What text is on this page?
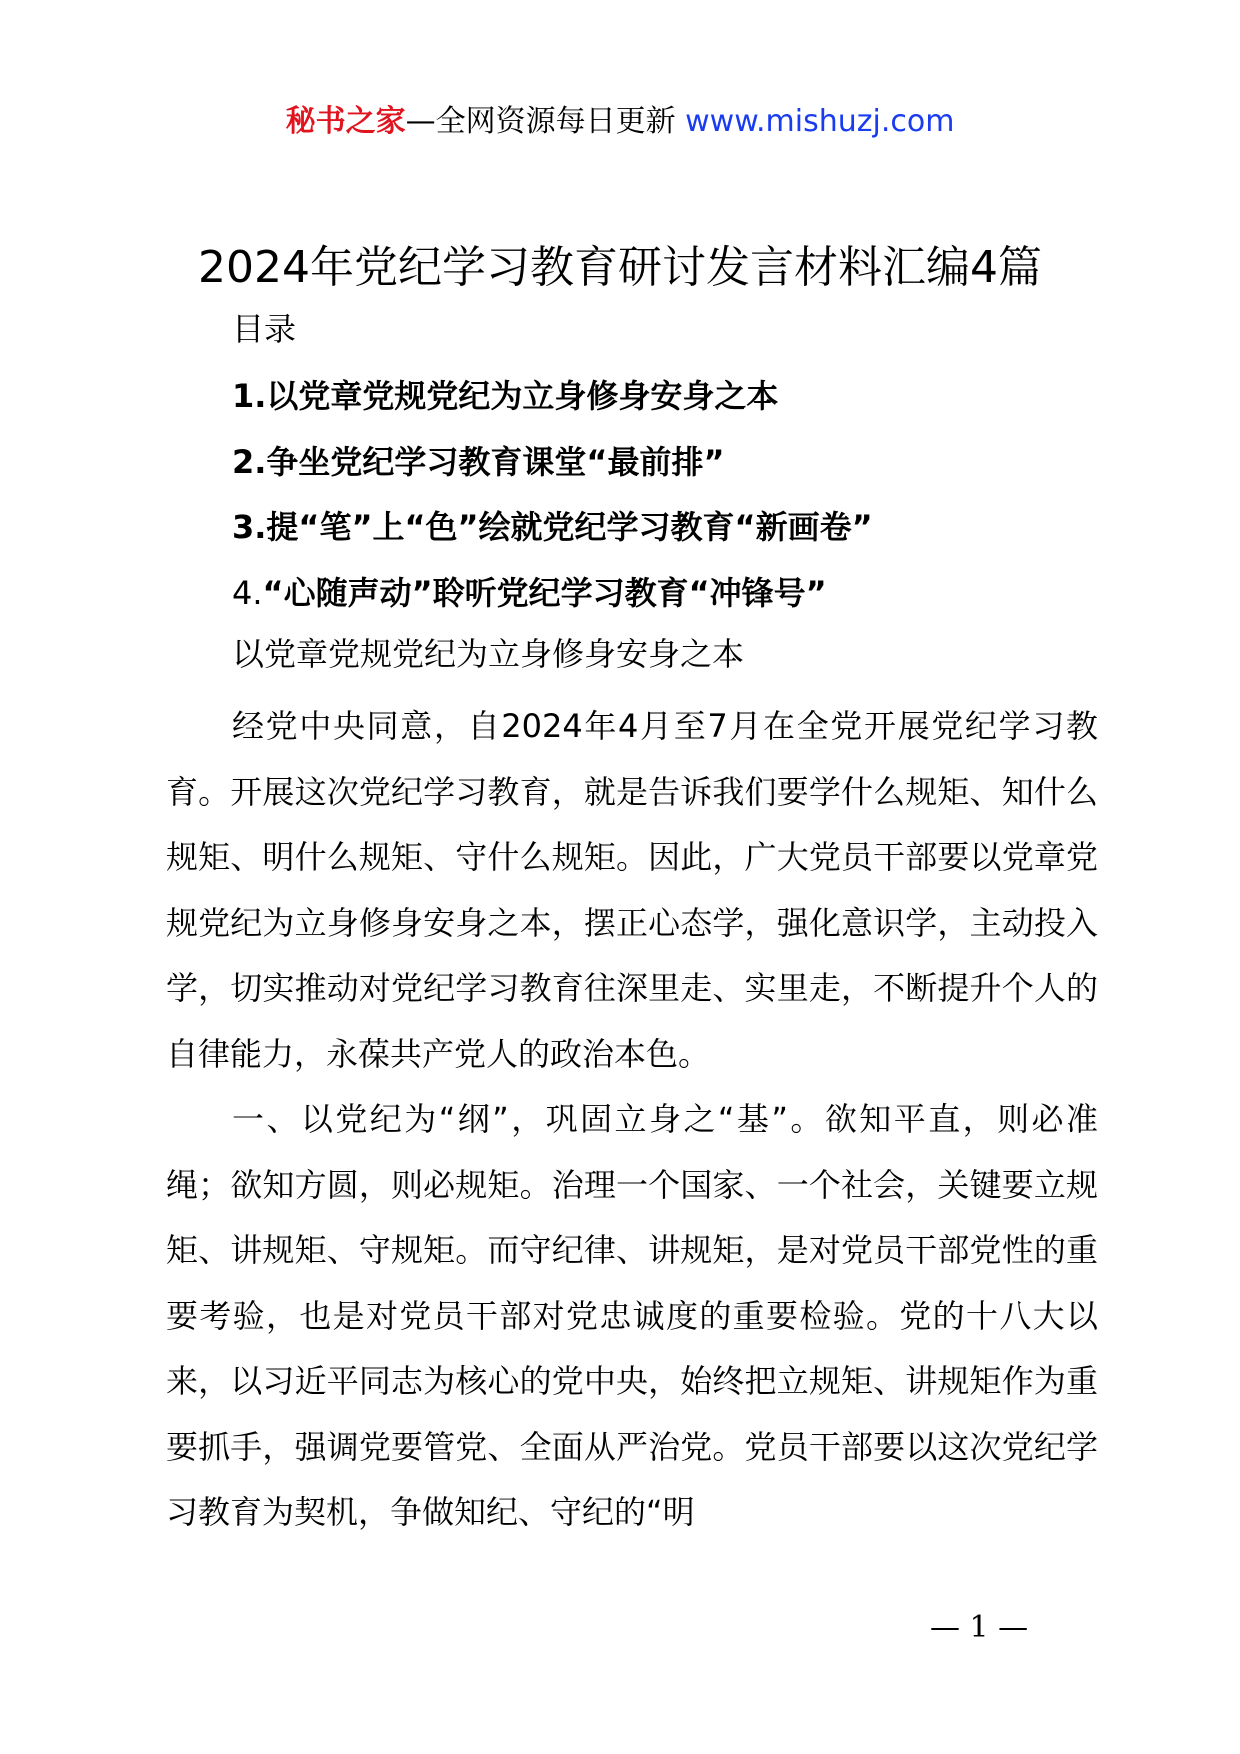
秘书之家—全网资源每日更新 www.mishuzj.com
2024年党纪学习教育研讨发言材料汇编4篇
目录
1.以党章党规党纪为立身修身安身之本
2.争坐党纪学习教育课堂“最前排”
3.提“笔”上“色”绘就党纪学习教育“新画卷”
4.“心随声动”聆听党纪学习教育“冲锋号”
以党章党规党纪为立身修身安身之本

经党中央同意，自2024年4月至7月在全党开展党纪学习教育。开展这次党纪学习教育，就是告诉我们要学什么规矩、知什么规矩、明什么规矩、守什么规矩。因此，广大党员干部要以党章党规党纪为立身修身安身之本，摆正心态学，强化意识学，主动投入学，切实推动对党纪学习教育往深里走、实里走，不断提升个人的自律能力，永葆共产党人的政治本色。

一、以党纪为“纲”，巩固立身之“基”。欲知平直，则必准绳；欲知方圆，则必规矩。治理一个国家、一个社会，关键要立规矩、讲规矩、守规矩。而守纪律、讲规矩，是对党员干部党性的重要考验，也是对党员干部对党忠诚度的重要检验。党的十八大以来，以习近平同志为核心的党中央，始终把立规矩、讲规矩作为重要抓手，强调党要管党、全面从严治党。党员干部要以这次党纪学习教育为契机，争做知纪、守纪的“明

— 1 —
